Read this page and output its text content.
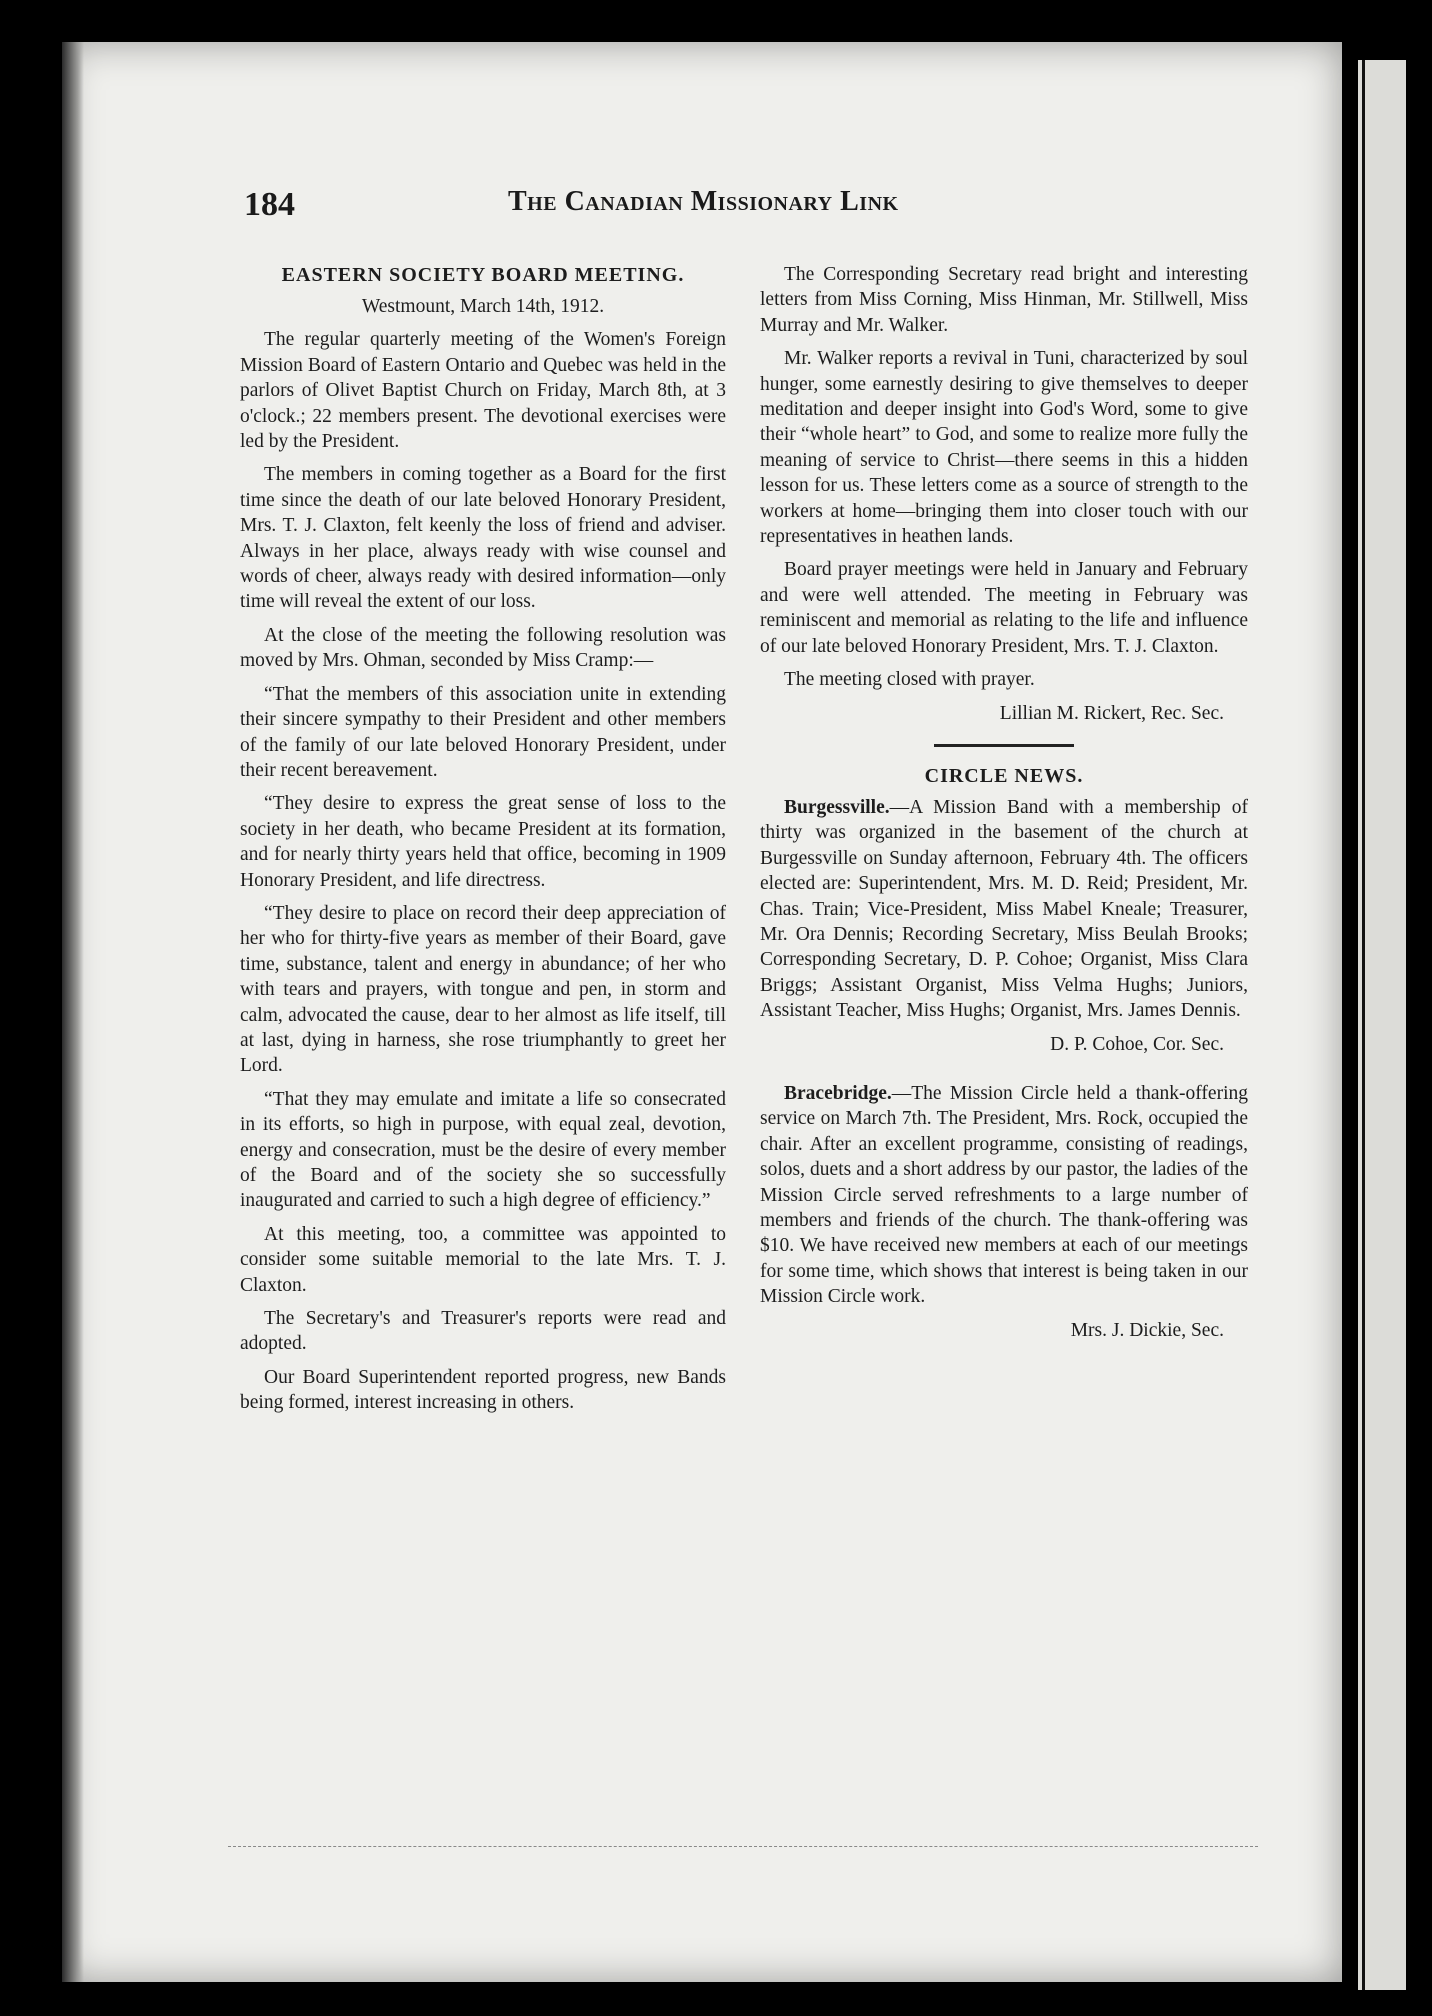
184	The Canadian Missionary Link
EASTERN SOCIETY BOARD MEETING.

Westmount, March 14th, 1912.

The regular quarterly meeting of the Women's Foreign Mission Board of Eastern Ontario and Quebec was held in the parlors of Olivet Baptist Church on Friday, March 8th, at 3 o'clock.; 22 members present. The devotional exercises were led by the President.

The members in coming together as a Board for the first time since the death of our late beloved Honorary President, Mrs. T. J. Claxton, felt keenly the loss of friend and adviser. Always in her place, always ready with wise counsel and words of cheer, always ready with desired information—only time will reveal the extent of our loss.

At the close of the meeting the following resolution was moved by Mrs. Ohman, seconded by Miss Cramp:—

“That the members of this association unite in extending their sincere sympathy to their President and other members of the family of our late beloved Honorary President, under their recent bereavement.

“They desire to express the great sense of loss to the society in her death, who became President at its formation, and for nearly thirty years held that office, becoming in 1909 Honorary President, and life directress.

“They desire to place on record their deep appreciation of her who for thirty-five years as member of their Board, gave time, substance, talent and energy in abundance; of her who with tears and prayers, with tongue and pen, in storm and calm, advocated the cause, dear to her almost as life itself, till at last, dying in harness, she rose triumphantly to greet her Lord.

“That they may emulate and imitate a life so consecrated in its efforts, so high in purpose, with equal zeal, devotion, energy and consecration, must be the desire of every member of the Board and of the society she so successfully inaugurated and carried to such a high degree of efficiency.”

At this meeting, too, a committee was appointed to consider some suitable memorial to the late Mrs. T. J. Claxton.

The Secretary's and Treasurer's reports were read and adopted.

Our Board Superintendent reported progress, new Bands being formed, interest increasing in others.

The Corresponding Secretary read bright and interesting letters from Miss Corning, Miss Hinman, Mr. Stillwell, Miss Murray and Mr. Walker.

Mr. Walker reports a revival in Tuni, characterized by soul hunger, some earnestly desiring to give themselves to deeper meditation and deeper insight into God's Word, some to give their “whole heart” to God, and some to realize more fully the meaning of service to Christ—there seems in this a hidden lesson for us. These letters come as a source of strength to the workers at home—bringing them into closer touch with our representatives in heathen lands.

Board prayer meetings were held in January and February and were well attended. The meeting in February was reminiscent and memorial as relating to the life and influence of our late beloved Honorary President, Mrs. T. J. Claxton.

The meeting closed with prayer.

Lillian M. Rickert, Rec. Sec.

CIRCLE NEWS.

Burgessville.—A Mission Band with a membership of thirty was organized in the basement of the church at Burgessville on Sunday afternoon, February 4th. The officers elected are: Superintendent, Mrs. M. D. Reid; President, Mr. Chas. Train; Vice-President, Miss Mabel Kneale; Treasurer, Mr. Ora Dennis; Recording Secretary, Miss Beulah Brooks; Corresponding Secretary, D. P. Cohoe; Organist, Miss Clara Briggs; Assistant Organist, Miss Velma Hughs; Juniors, Assistant Teacher, Miss Hughs; Organist, Mrs. James Dennis.

D. P. Cohoe, Cor. Sec.

Bracebridge.—The Mission Circle held a thank-offering service on March 7th. The President, Mrs. Rock, occupied the chair. After an excellent programme, consisting of readings, solos, duets and a short address by our pastor, the ladies of the Mission Circle served refreshments to a large number of members and friends of the church. The thank-offering was $10. We have received new members at each of our meetings for some time, which shows that interest is being taken in our Mission Circle work.

Mrs. J. Dickie, Sec.
